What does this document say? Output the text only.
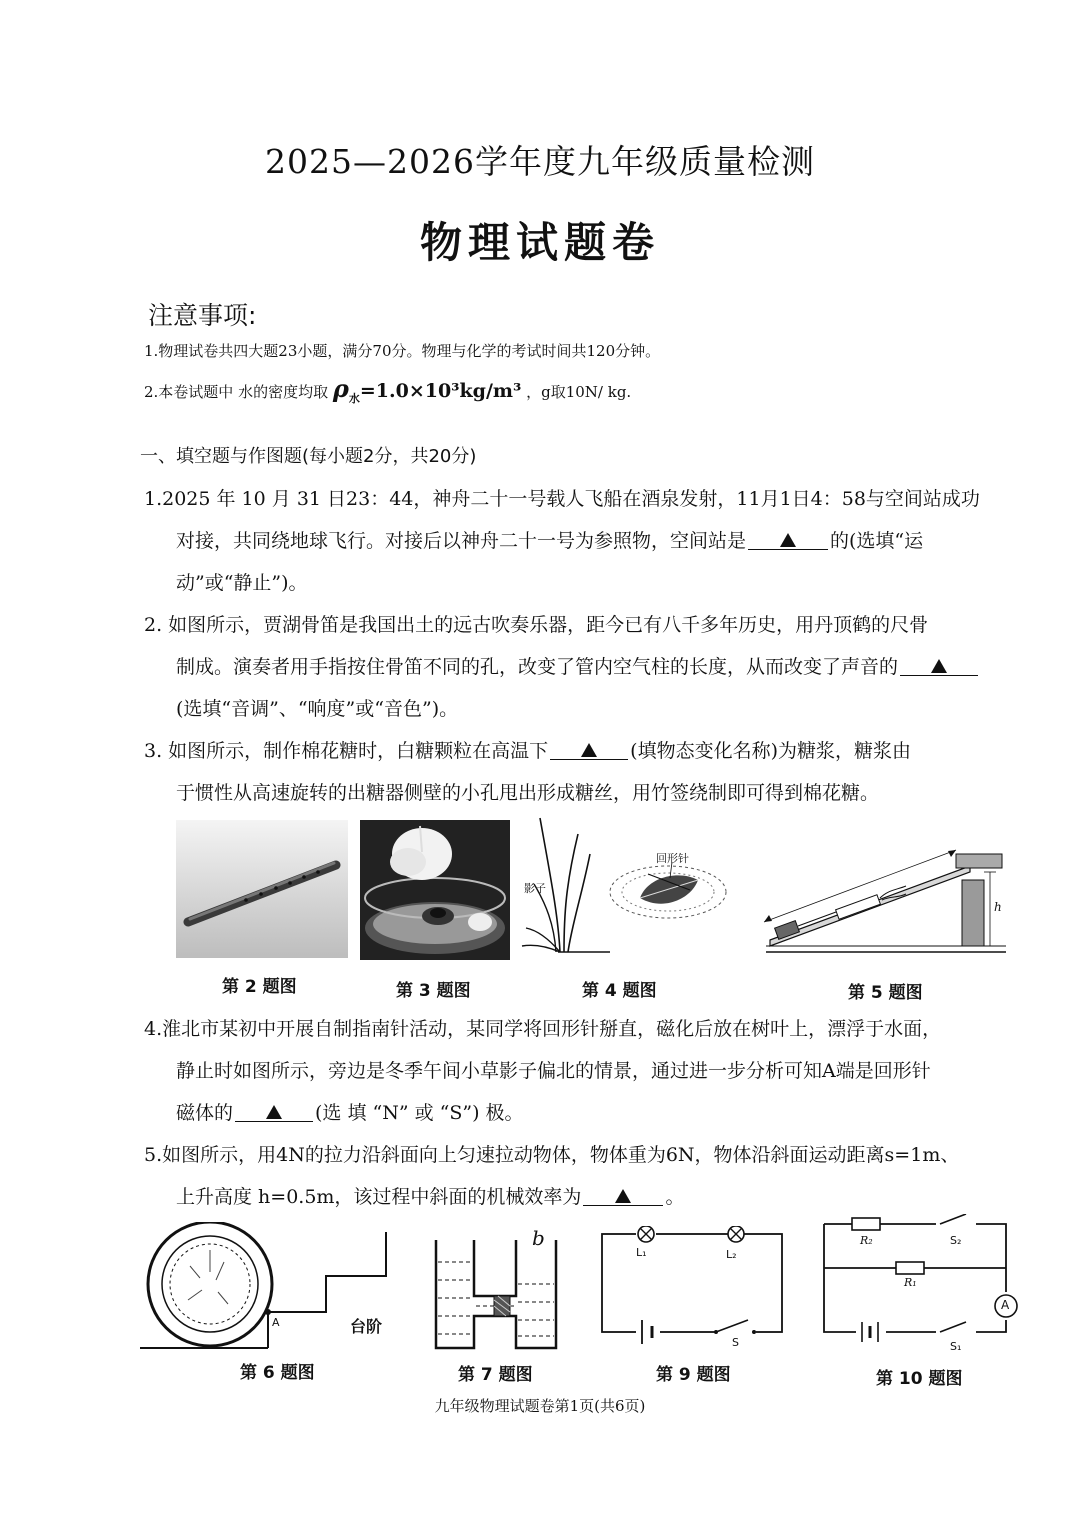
2025—2026学年度九年级质量检测
物理试题卷
注意事项:
1.物理试卷共四大题23小题，满分70分。物理与化学的考试时间共120分钟。
2.本卷试题中 水的密度均取 $\rho_水=1.0\times 10^3kg/m^3$ ，g取10N/ kg.
一、填空题与作图题(每小题2分，共20分)
1.2025 年 10 月 31 日23：44，神舟二十一号载人飞船在酒泉发射，11月1日4：58与空间站成功
对接，共同绕地球飞行。对接后以神舟二十一号为参照物，空间站是	的(选填“运
动”或“静止”)。
2. 如图所示，贾湖骨笛是我国出土的远古吹奏乐器，距今已有八千多年历史，用丹顶鹤的尺骨
制成。演奏者用手指按住骨笛不同的孔，改变了管内空气柱的长度，从而改变了声音的
(选填“音调”、“响度”或“音色”)。
3. 如图所示，制作棉花糖时，白糖颗粒在高温下	(填物态变化名称)为糖浆，糖浆由
于惯性从高速旋转的出糖器侧壁的小孔甩出形成糖丝，用竹签绕制即可得到棉花糖。
影子
回形针
h
第 2 题图	第 3 题图	第 4 题图	第 5 题图
4.淮北市某初中开展自制指南针活动，某同学将回形针掰直，磁化后放在树叶上，漂浮于水面，
静止时如图所示，旁边是冬季午间小草影子偏北的情景，通过进一步分析可知A端是回形针
磁体的	(选 填 “N” 或 “S”) 极。
5.如图所示，用4N的拉力沿斜面向上匀速拉动物体，物体重为6N，物体沿斜面运动距离s=1m、
上升高度 h=0.5m，该过程中斜面的机械效率为	。
A	台阶
b
L₁	L₂
S
R₂
R₁
S₂
S₁
A
第 6 题图	第 7 题图	第 9 题图	第 10 题图
九年级物理试题卷第1页(共6页)
